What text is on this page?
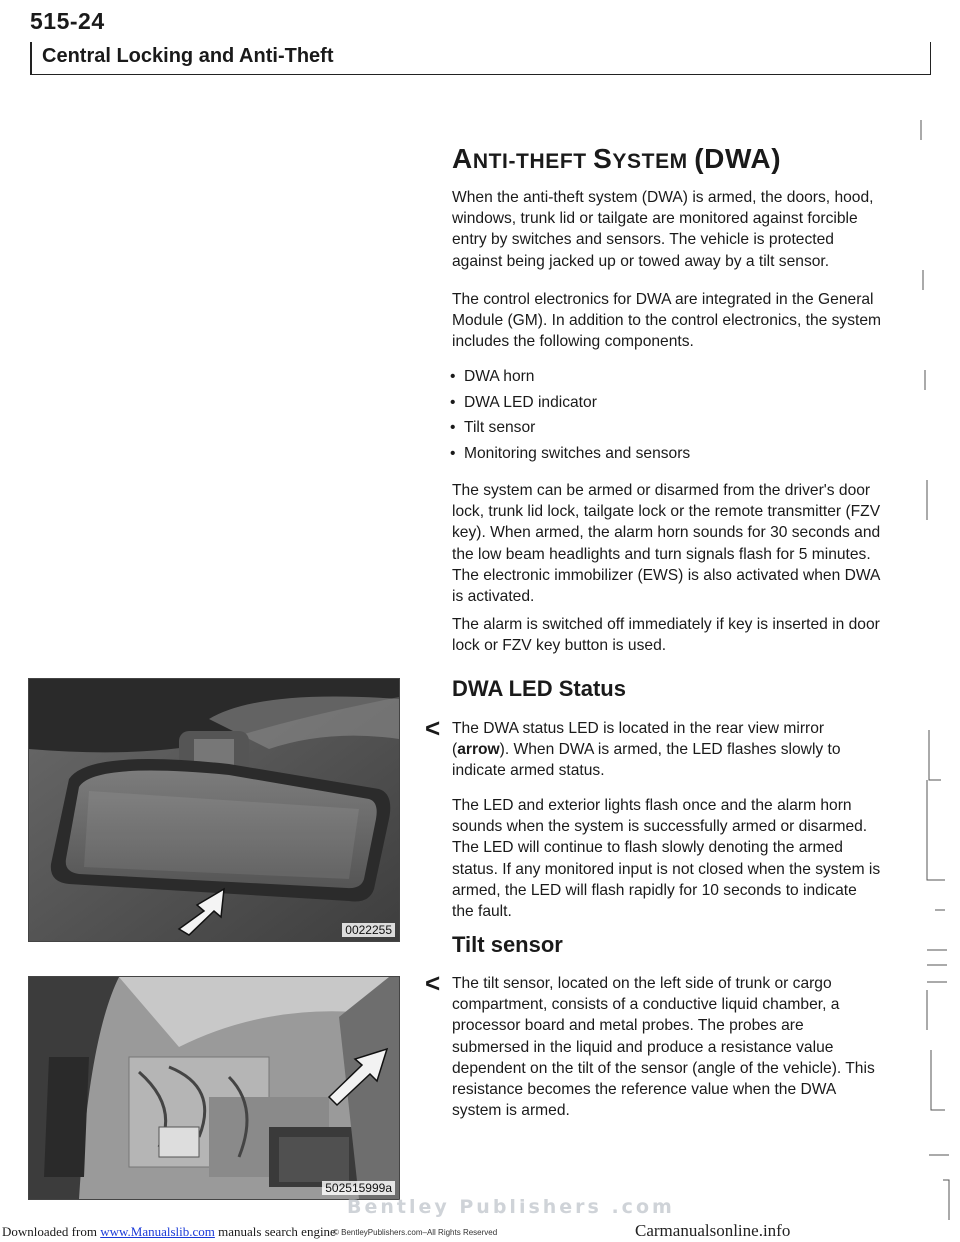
515-24
Central Locking and Anti-Theft
ANTI-THEFT SYSTEM (DWA)

When the anti-theft system (DWA) is armed, the doors, hood, windows, trunk lid or tailgate are monitored against forcible entry by switches and sensors. The vehicle is protected against being jacked up or towed away by a tilt sensor.

The control electronics for DWA are integrated in the General Module (GM). In addition to the control electronics, the system includes the following components.

• DWA horn
• DWA LED indicator
• Tilt sensor
• Monitoring switches and sensors

The system can be armed or disarmed from the driver's door lock, trunk lid lock, tailgate lock or the remote transmitter (FZV key). When armed, the alarm horn sounds for 30 seconds and the low beam headlights and turn signals flash for 5 minutes. The electronic immobilizer (EWS) is also activated when DWA is activated.

The alarm is switched off immediately if key is inserted in door lock or FZV key button is used.

DWA LED Status
< The DWA status LED is located in the rear view mirror (arrow). When DWA is armed, the LED flashes slowly to indicate armed status.

The LED and exterior lights flash once and the alarm horn sounds when the system is successfully armed or disarmed. The LED will continue to flash slowly denoting the armed status. If any monitored input is not closed when the system is armed, the LED will flash rapidly for 10 seconds to indicate the fault.

0022255
Tilt sensor
< The tilt sensor, located on the left side of trunk or cargo compartment, consists of a conductive liquid chamber, a processor board and metal probes. The probes are submersed in the liquid and produce a resistance value dependent on the tilt of the sensor (angle of the vehicle). This resistance becomes the reference value when the DWA system is armed.

502515999a
Bentley Publishers .com
Downloaded from www.Manualslib.com manuals search engine
© BentleyPublishers.com–All Rights Reserved	Carmanualsonline.info
